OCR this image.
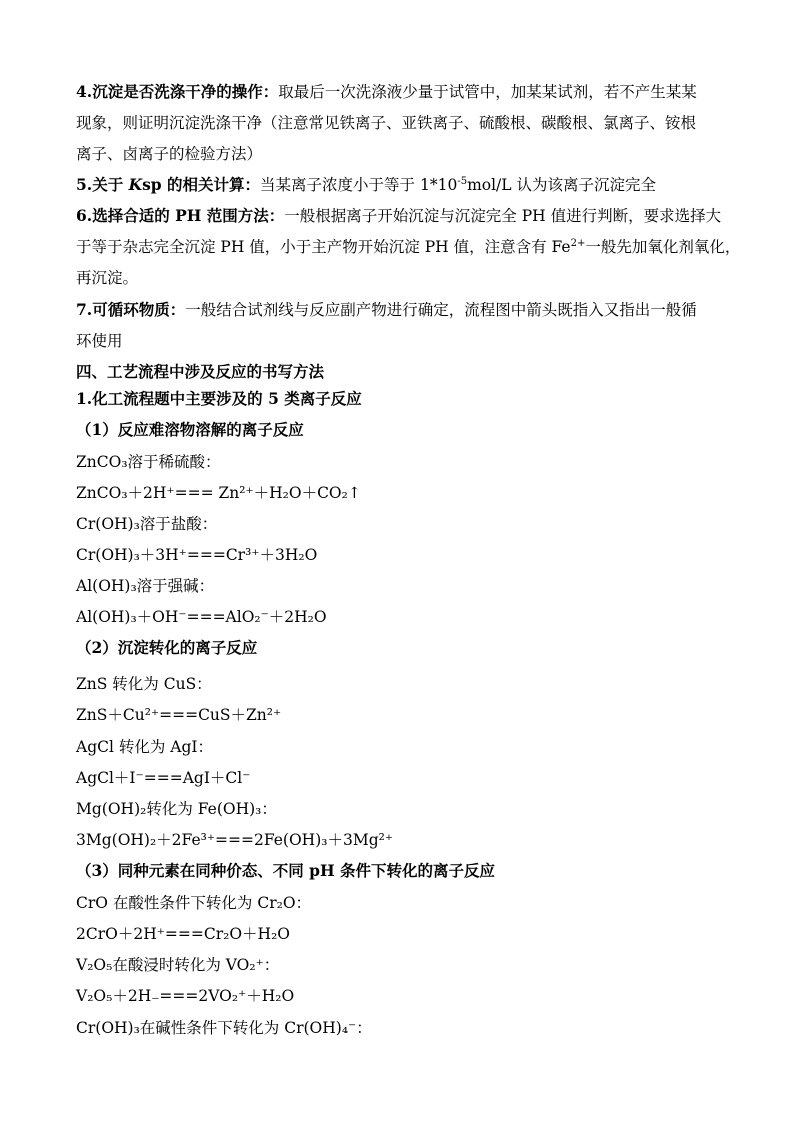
4.沉淀是否洗涤干净的操作：取最后一次洗涤液少量于试管中，加某某试剂，若不产生某某
现象，则证明沉淀洗涤干净（注意常见铁离子、亚铁离子、硫酸根、碳酸根、氯离子、铵根
离子、卤离子的检验方法）
5.关于 Ksp 的相关计算：当某离子浓度小于等于 $1*10^{-5}mol/L$ 认为该离子沉淀完全
6.选择合适的 PH 范围方法：一般根据离子开始沉淀与沉淀完全 PH 值进行判断，要求选择大
于等于杂志完全沉淀 PH 值，小于主产物开始沉淀 PH 值，注意含有 $Fe^{2+}$一般先加氧化剂氧化，
再沉淀。
7.可循环物质：一般结合试剂线与反应副产物进行确定，流程图中箭头既指入又指出一般循
环使用
四、工艺流程中涉及反应的书写方法
1.化工流程题中主要涉及的 5 类离子反应
（1）反应难溶物溶解的离子反应
ZnCO₃溶于稀硫酸：
ZnCO₃＋2H⁺=== Zn²⁺＋H₂O＋CO₂↑
Cr(OH)₃溶于盐酸：
Cr(OH)₃＋3H⁺===Cr³⁺＋3H₂O
Al(OH)₃溶于强碱：
Al(OH)₃＋OH⁻===AlO₂⁻＋2H₂O
（2）沉淀转化的离子反应
ZnS 转化为 CuS：
ZnS＋Cu²⁺===CuS＋Zn²⁺
AgCl 转化为 AgI：
AgCl＋I⁻===AgI＋Cl⁻
Mg(OH)₂转化为 Fe(OH)₃：
3Mg(OH)₂＋2Fe³⁺===2Fe(OH)₃＋3Mg²⁺
（3）同种元素在同种价态、不同 pH 条件下转化的离子反应
CrO 在酸性条件下转化为 Cr₂O：
2CrO＋2H⁺===Cr₂O＋H₂O
V₂O₅在酸浸时转化为 VO₂⁺：
V₂O₅＋2H₋===2VO₂⁺＋H₂O
Cr(OH)₃在碱性条件下转化为 Cr(OH)₄⁻：
